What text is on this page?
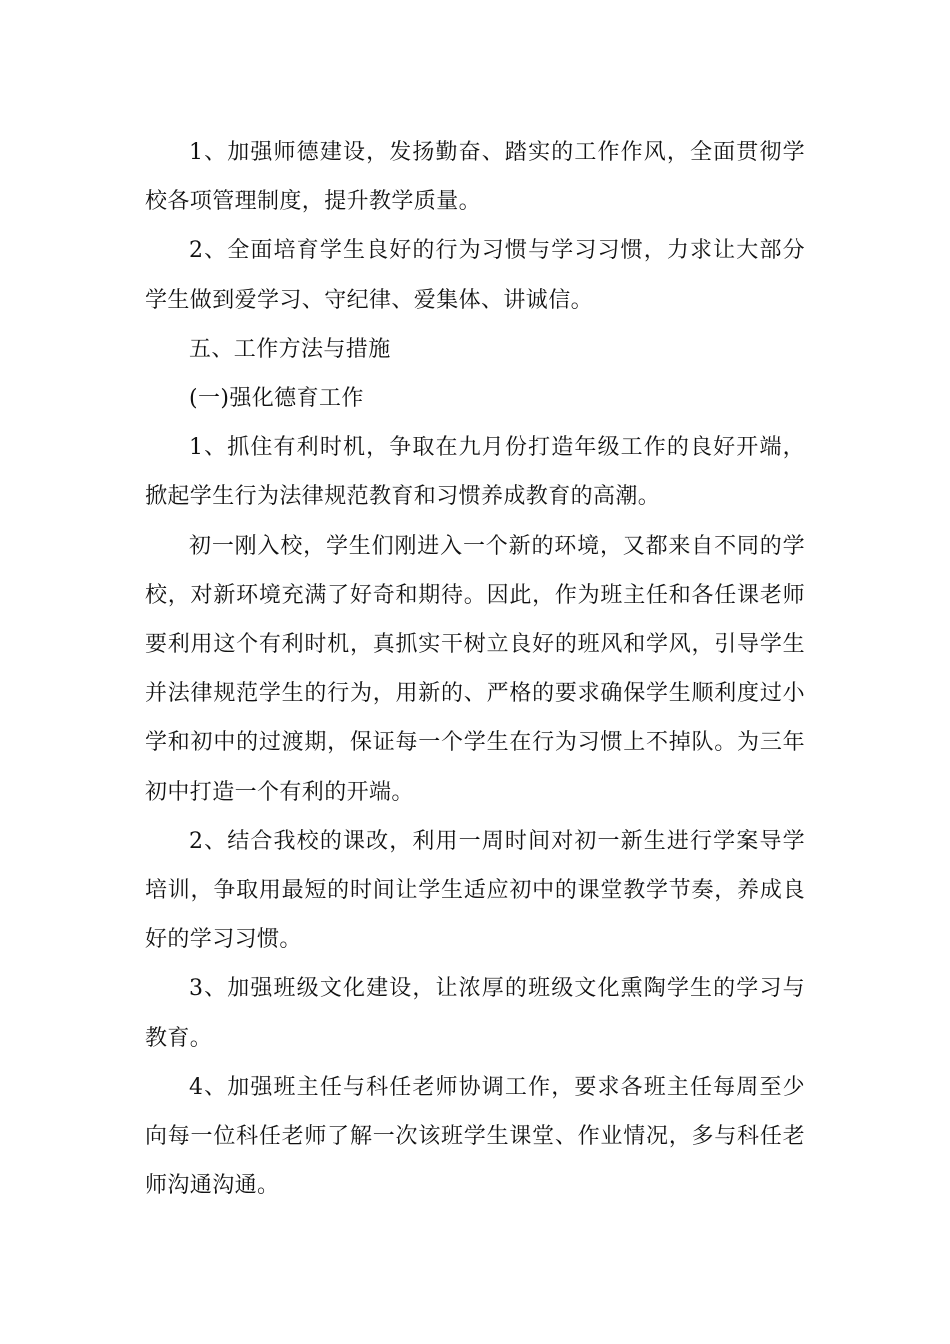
1、加强师德建设，发扬勤奋、踏实的工作作风，全面贯彻学校各项管理制度，提升教学质量。

2、全面培育学生良好的行为习惯与学习习惯，力求让大部分学生做到爱学习、守纪律、爱集体、讲诚信。

五、工作方法与措施

(一)强化德育工作

1、抓住有利时机，争取在九月份打造年级工作的良好开端，掀起学生行为法律规范教育和习惯养成教育的高潮。

初一刚入校，学生们刚进入一个新的环境，又都来自不同的学校，对新环境充满了好奇和期待。因此，作为班主任和各任课老师要利用这个有利时机，真抓实干树立良好的班风和学风，引导学生并法律规范学生的行为，用新的、严格的要求确保学生顺利度过小学和初中的过渡期，保证每一个学生在行为习惯上不掉队。为三年初中打造一个有利的开端。

2、结合我校的课改，利用一周时间对初一新生进行学案导学培训，争取用最短的时间让学生适应初中的课堂教学节奏，养成良好的学习习惯。

3、加强班级文化建设，让浓厚的班级文化熏陶学生的学习与教育。

4、加强班主任与科任老师协调工作，要求各班主任每周至少向每一位科任老师了解一次该班学生课堂、作业情况，多与科任老师沟通沟通。
